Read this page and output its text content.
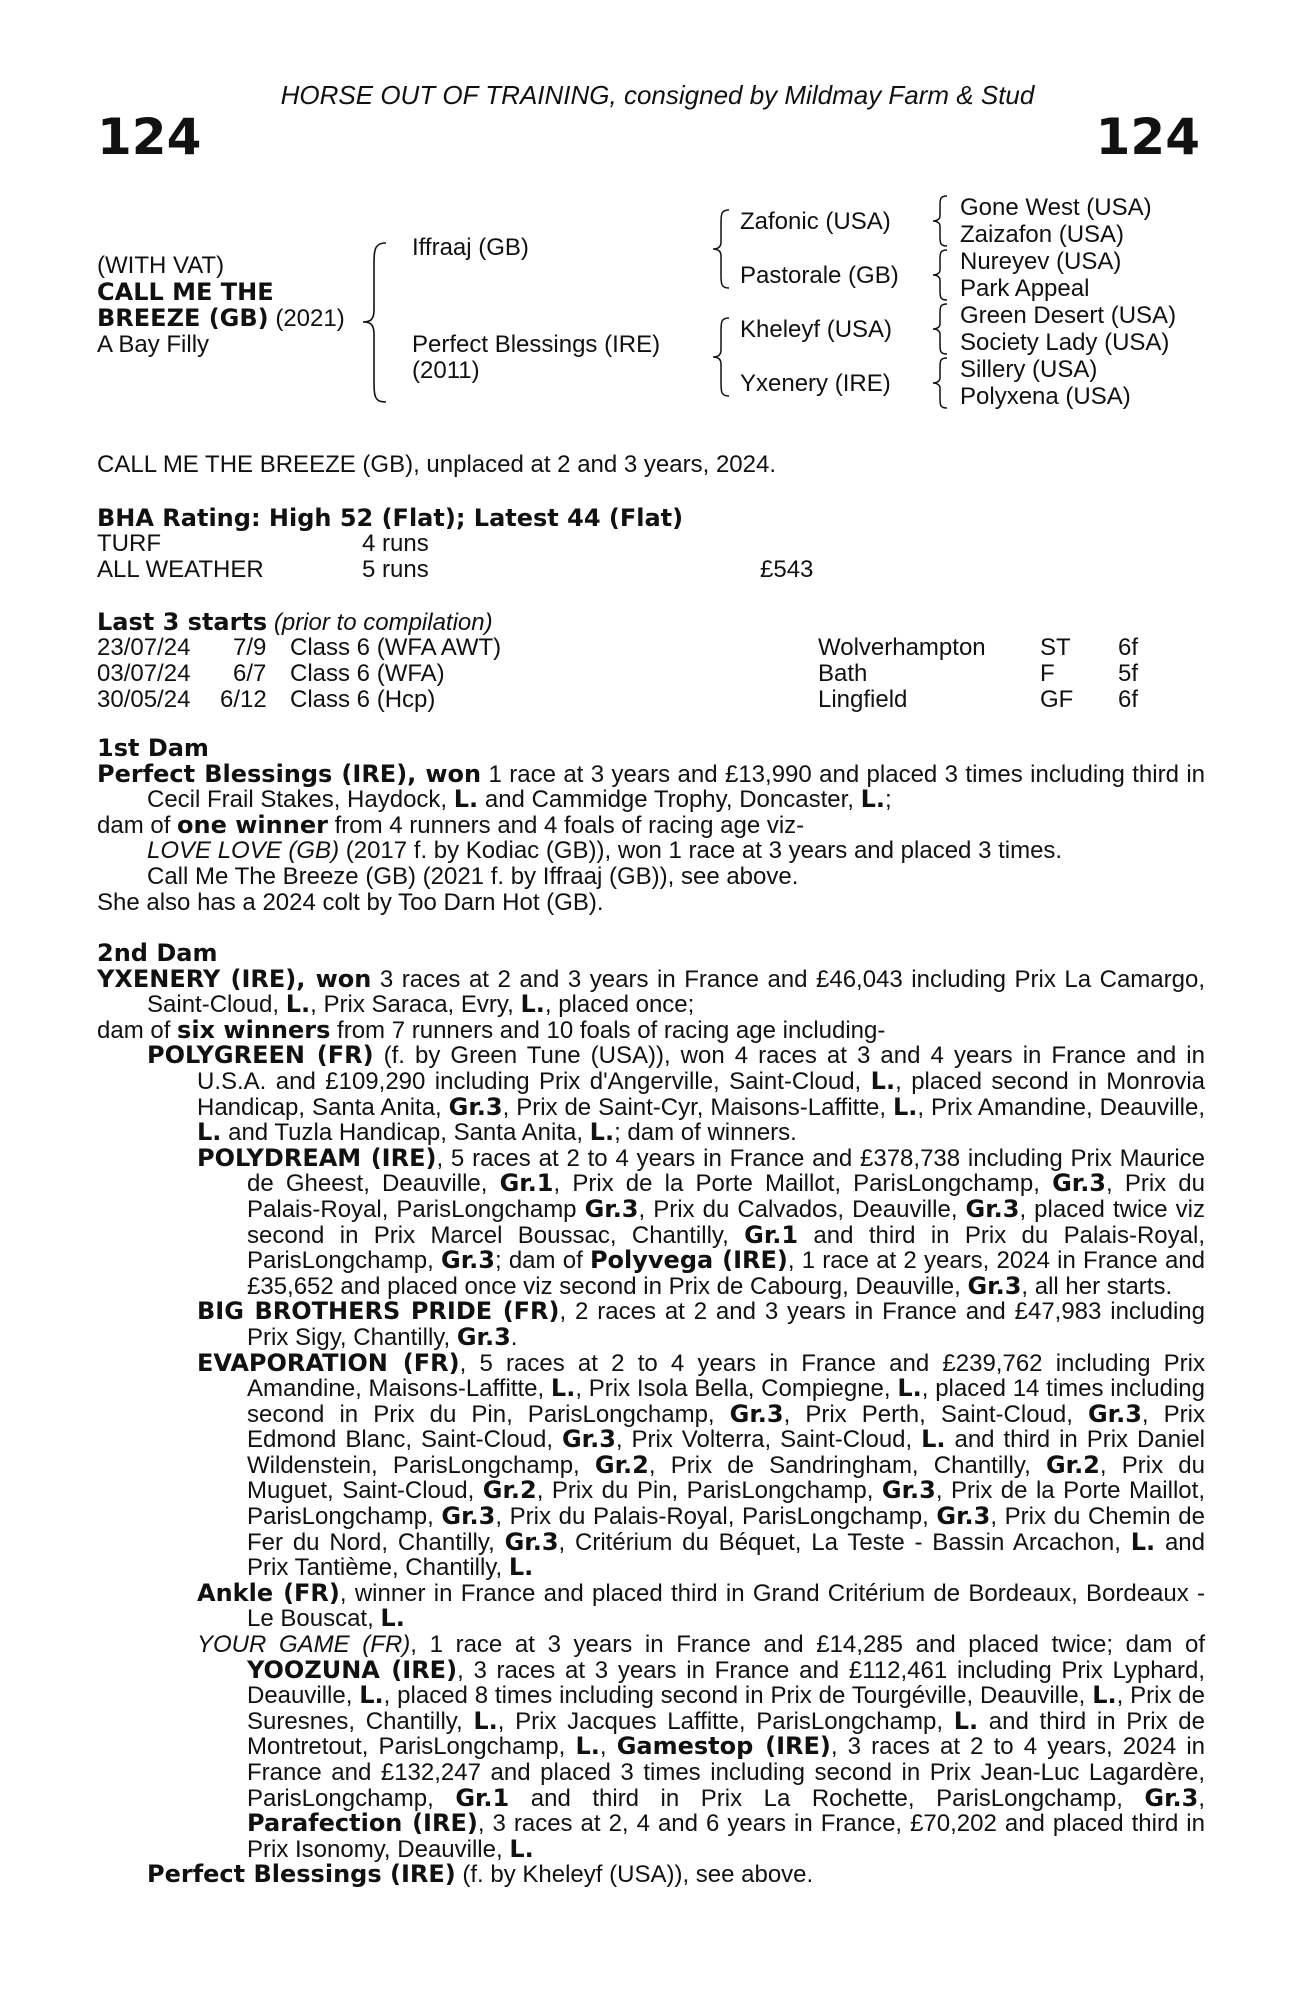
HORSE OUT OF TRAINING, consigned by Mildmay Farm & Stud
124	124
(WITH VAT)
CALL ME THE
BREEZE (GB) (2021)
A Bay Filly
Iffraaj (GB)
Perfect Blessings (IRE)
(2011)
Zafonic (USA)
Pastorale (GB)
Kheleyf (USA)
Yxenery (IRE)
Gone West (USA)
Zaizafon (USA)
Nureyev (USA)
Park Appeal
Green Desert (USA)
Society Lady (USA)
Sillery (USA)
Polyxena (USA)
CALL ME THE BREEZE (GB), unplaced at 2 and 3 years, 2024.
BHA Rating: High 52 (Flat); Latest 44 (Flat)
TURF	4 runs
ALL WEATHER	5 runs	£543
Last 3 starts (prior to compilation)
23/07/24 7/9 Class 6 (WFA AWT)	Wolverhampton ST 6f
03/07/24 6/7 Class 6 (WFA)	Bath	F	5f
30/05/24 6/12 Class 6 (Hcp)	Lingfield	GF 6f
1st Dam
Perfect Blessings (IRE), won 1 race at 3 years and £13,990 and placed 3 times including third in Cecil Frail Stakes, Haydock, L. and Cammidge Trophy, Doncaster, L.;
dam of one winner from 4 runners and 4 foals of racing age viz-
LOVE LOVE (GB) (2017 f. by Kodiac (GB)), won 1 race at 3 years and placed 3 times.
Call Me The Breeze (GB) (2021 f. by Iffraaj (GB)), see above.
She also has a 2024 colt by Too Darn Hot (GB).
2nd Dam
YXENERY (IRE), won 3 races at 2 and 3 years in France and £46,043 including Prix La Camargo, Saint-Cloud, L., Prix Saraca, Evry, L., placed once;
dam of six winners from 7 runners and 10 foals of racing age including-
POLYGREEN (FR) (f. by Green Tune (USA)), won 4 races at 3 and 4 years in France and in U.S.A. and £109,290 including Prix d'Angerville, Saint-Cloud, L., placed second in Monrovia Handicap, Santa Anita, Gr.3, Prix de Saint-Cyr, Maisons-Laffitte, L., Prix Amandine, Deauville, L. and Tuzla Handicap, Santa Anita, L.; dam of winners.
POLYDREAM (IRE), 5 races at 2 to 4 years in France and £378,738 including Prix Maurice de Gheest, Deauville, Gr.1, Prix de la Porte Maillot, ParisLongchamp, Gr.3, Prix du Palais-Royal, ParisLongchamp Gr.3, Prix du Calvados, Deauville, Gr.3, placed twice viz second in Prix Marcel Boussac, Chantilly, Gr.1 and third in Prix du Palais-Royal, ParisLongchamp, Gr.3; dam of Polyvega (IRE), 1 race at 2 years, 2024 in France and £35,652 and placed once viz second in Prix de Cabourg, Deauville, Gr.3, all her starts.
BIG BROTHERS PRIDE (FR), 2 races at 2 and 3 years in France and £47,983 including Prix Sigy, Chantilly, Gr.3.
EVAPORATION (FR), 5 races at 2 to 4 years in France and £239,762 including Prix Amandine, Maisons-Laffitte, L., Prix Isola Bella, Compiegne, L., placed 14 times including second in Prix du Pin, ParisLongchamp, Gr.3, Prix Perth, Saint-Cloud, Gr.3, Prix Edmond Blanc, Saint-Cloud, Gr.3, Prix Volterra, Saint-Cloud, L. and third in Prix Daniel Wildenstein, ParisLongchamp, Gr.2, Prix de Sandringham, Chantilly, Gr.2, Prix du Muguet, Saint-Cloud, Gr.2, Prix du Pin, ParisLongchamp, Gr.3, Prix de la Porte Maillot, ParisLongchamp, Gr.3, Prix du Palais-Royal, ParisLongchamp, Gr.3, Prix du Chemin de Fer du Nord, Chantilly, Gr.3, Critérium du Béquet, La Teste - Bassin Arcachon, L. and Prix Tantième, Chantilly, L.
Ankle (FR), winner in France and placed third in Grand Critérium de Bordeaux, Bordeaux - Le Bouscat, L.
YOUR GAME (FR), 1 race at 3 years in France and £14,285 and placed twice; dam of YOOZUNA (IRE), 3 races at 3 years in France and £112,461 including Prix Lyphard, Deauville, L., placed 8 times including second in Prix de Tourgéville, Deauville, L., Prix de Suresnes, Chantilly, L., Prix Jacques Laffitte, ParisLongchamp, L. and third in Prix de Montretout, ParisLongchamp, L., Gamestop (IRE), 3 races at 2 to 4 years, 2024 in France and £132,247 and placed 3 times including second in Prix Jean-Luc Lagardère, ParisLongchamp, Gr.1 and third in Prix La Rochette, ParisLongchamp, Gr.3, Parafection (IRE), 3 races at 2, 4 and 6 years in France, £70,202 and placed third in Prix Isonomy, Deauville, L.
Perfect Blessings (IRE) (f. by Kheleyf (USA)), see above.
